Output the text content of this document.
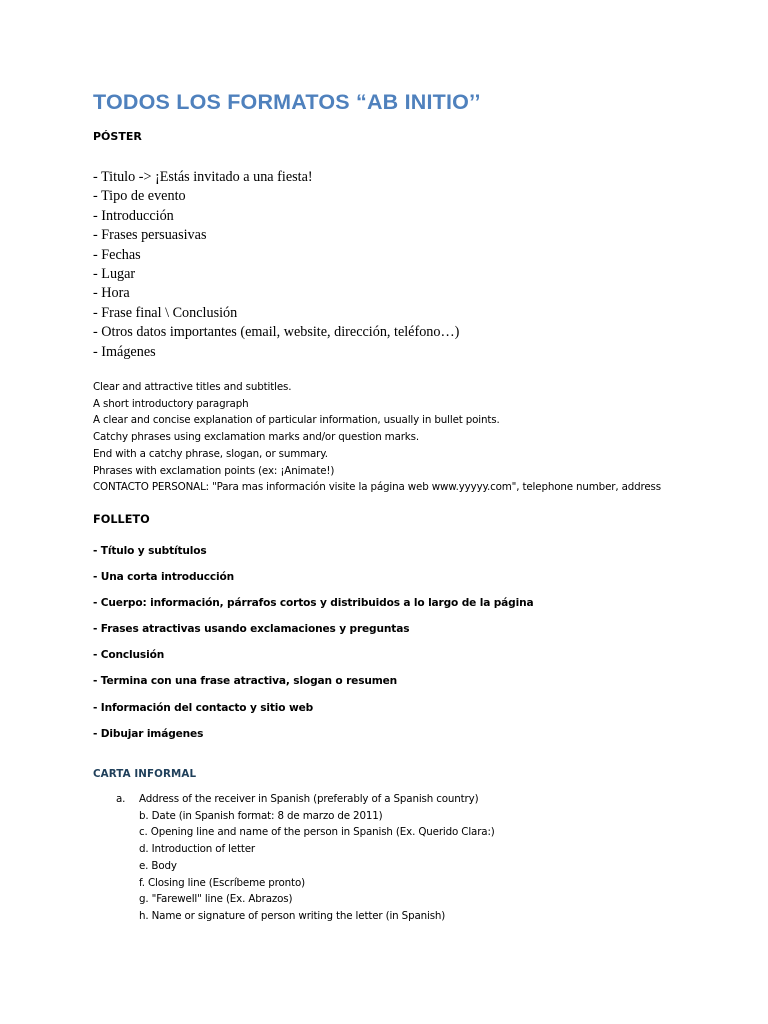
TODOS LOS FORMATOS “AB INITIO’’
PÓSTER
- Titulo -> ¡Estás invitado a una fiesta!
- Tipo de evento
- Introducción
- Frases persuasivas
- Fechas
- Lugar
- Hora
- Frase final \ Conclusión
- Otros datos importantes (email, website, dirección, teléfono…)
- Imágenes
Clear and attractive titles and subtitles.
A short introductory paragraph
A clear and concise explanation of particular information, usually in bullet points.
Catchy phrases using exclamation marks and/or question marks.
End with a catchy phrase, slogan, or summary.
Phrases with exclamation points (ex: ¡Animate!)
CONTACTO PERSONAL: "Para mas información visite la página web www.yyyyy.com", telephone number, address
FOLLETO
- Título y subtítulos
- Una corta introducción
- Cuerpo: información, párrafos cortos y distribuidos a lo largo de la página
- Frases atractivas usando exclamaciones y preguntas
- Conclusión
- Termina con una frase atractiva, slogan o resumen
- Información del contacto y sitio web
- Dibujar imágenes
CARTA INFORMAL
a. Address of the receiver in Spanish (preferably of a Spanish country)
b. Date (in Spanish format: 8 de marzo de 2011)
c. Opening line and name of the person in Spanish (Ex. Querido Clara:)
d. Introduction of letter
e. Body
f. Closing line (Escríbeme pronto)
g. "Farewell" line (Ex. Abrazos)
h. Name or signature of person writing the letter (in Spanish)
